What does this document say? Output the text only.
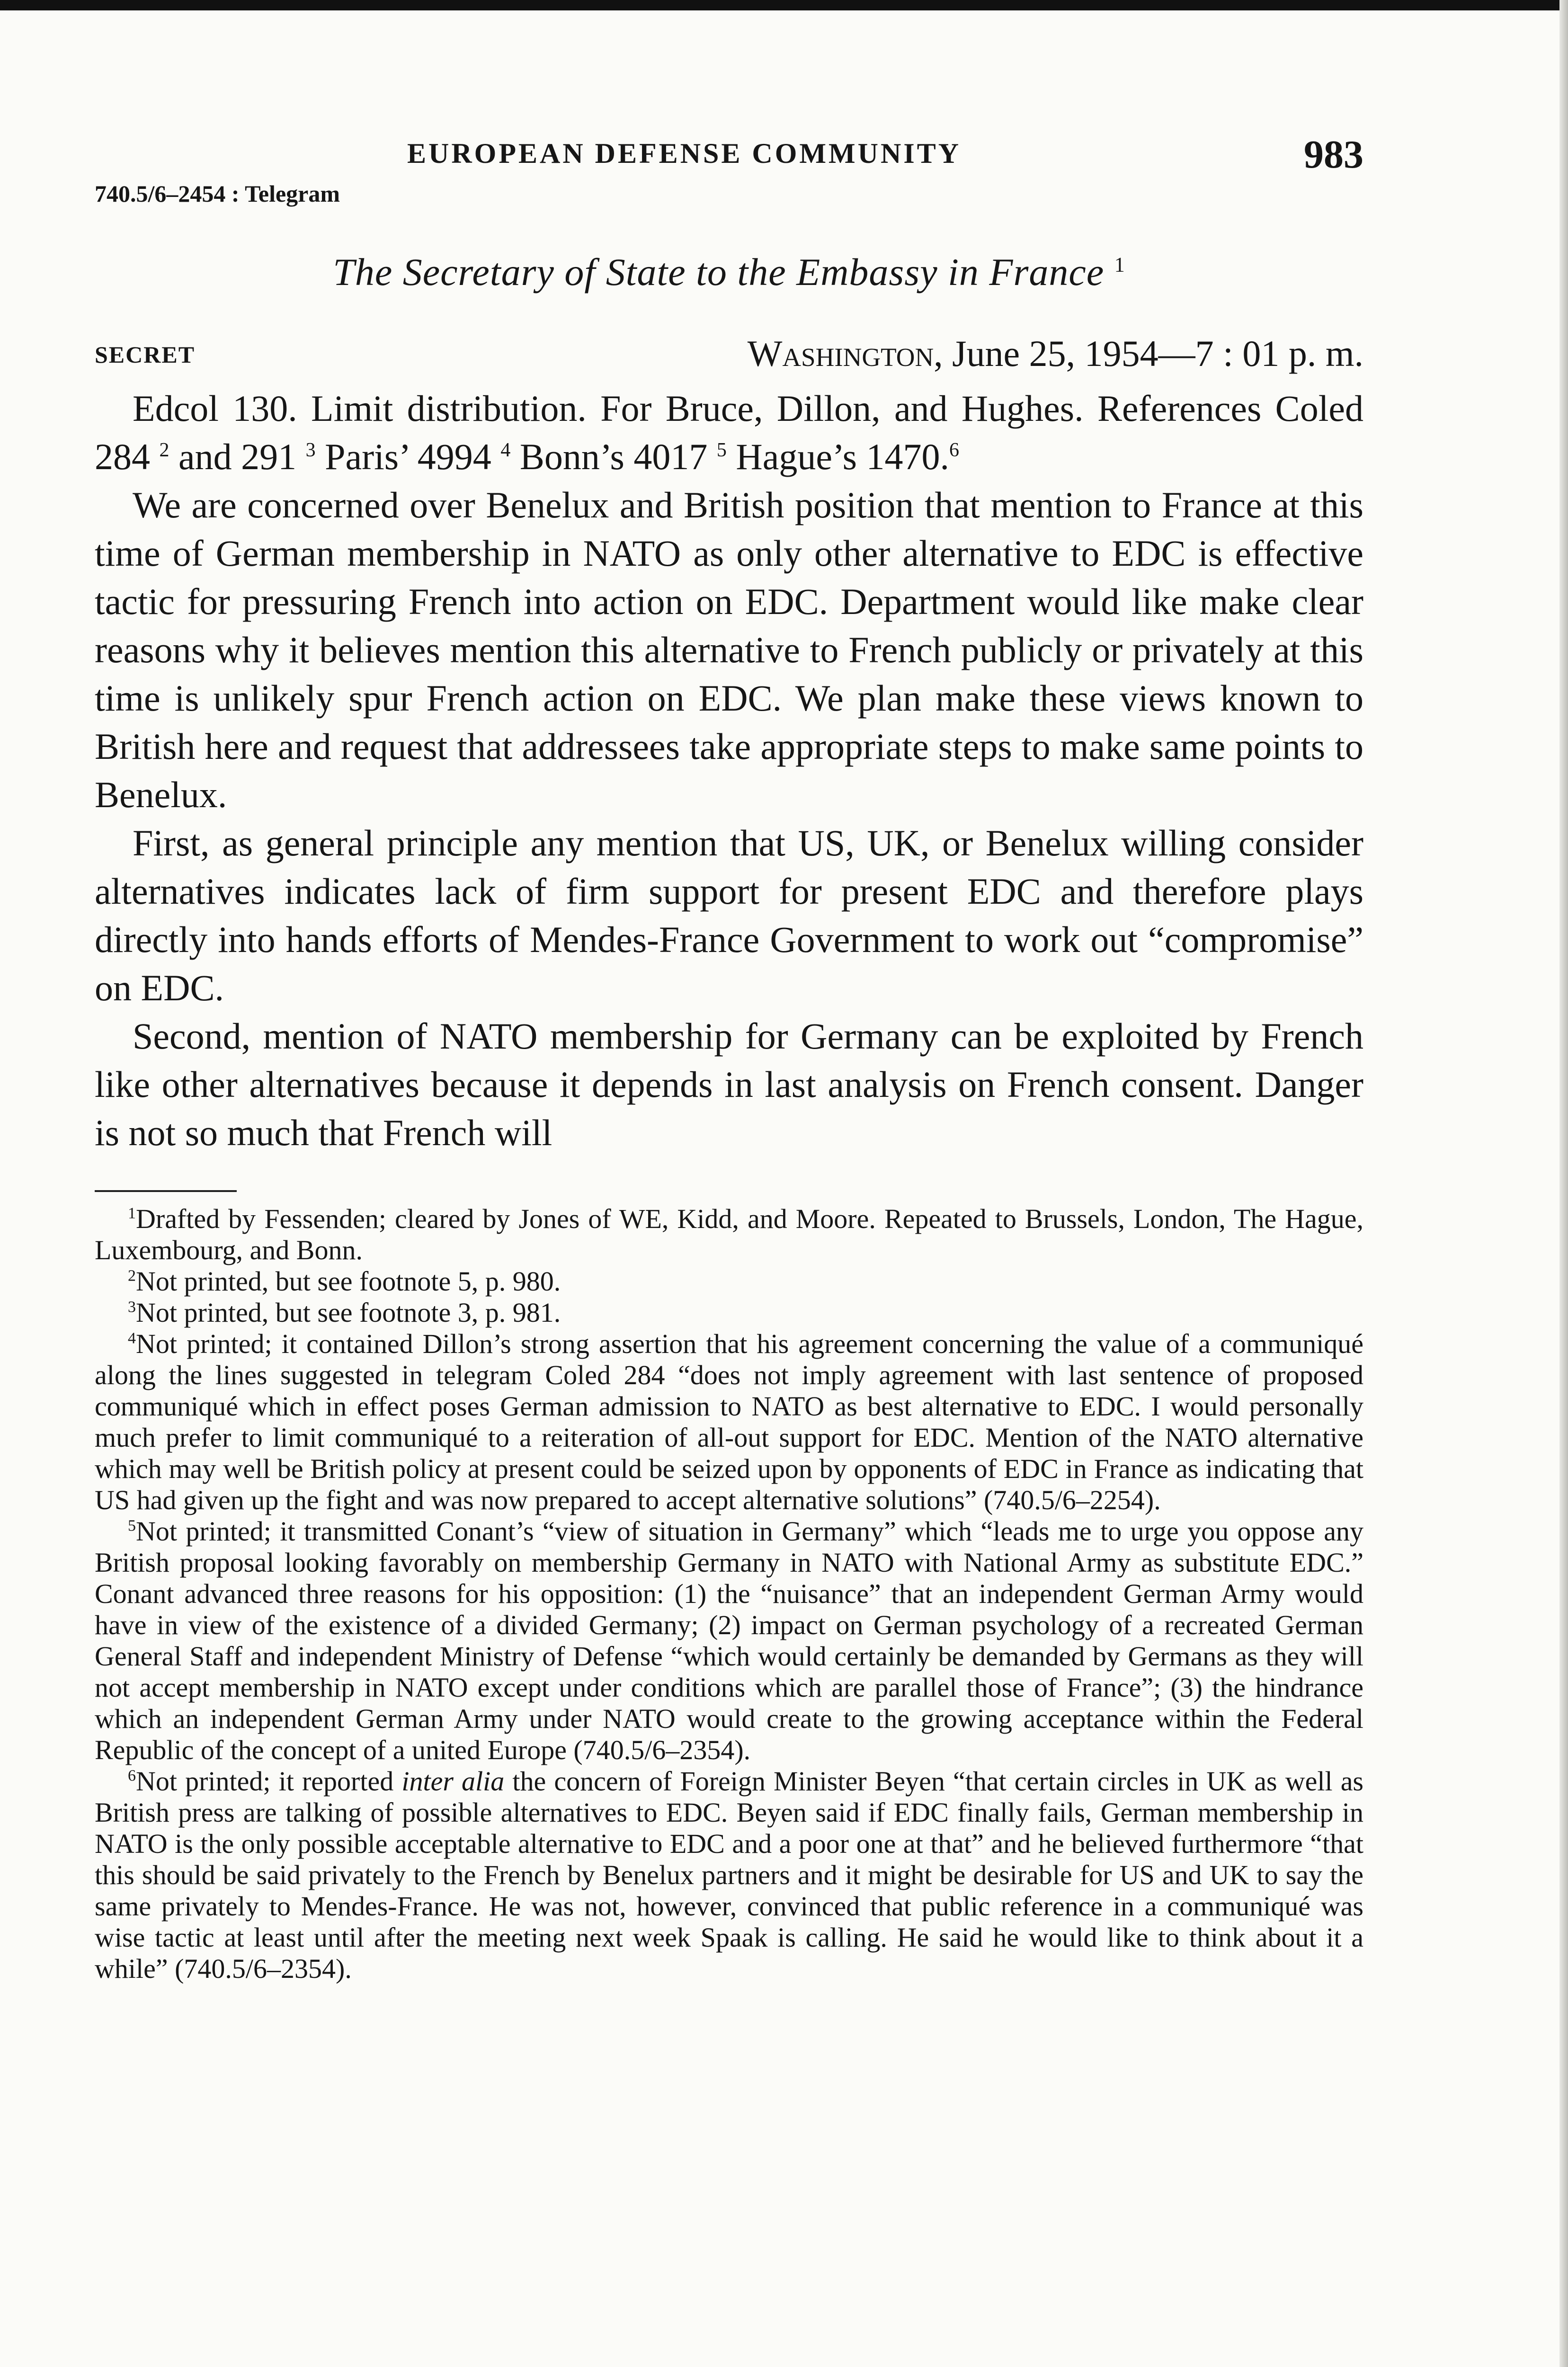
EUROPEAN DEFENSE COMMUNITY	983
740.5/6–2454 : Telegram
The Secretary of State to the Embassy in France $^1$
SECRET	Washington, June 25, 1954—7 : 01 p. m.

Edcol 130. Limit distribution. For Bruce, Dillon, and Hughes. References Coled 284 $^2$ and 291 $^3$ Paris’ 4994 $^4$ Bonn’s 4017 $^5$ Hague’s 1470.$^6$

We are concerned over Benelux and British position that mention to France at this time of German membership in NATO as only other alternative to EDC is effective tactic for pressuring French into action on EDC. Department would like make clear reasons why it believes mention this alternative to French publicly or privately at this time is unlikely spur French action on EDC. We plan make these views known to British here and request that addressees take appropriate steps to make same points to Benelux.

First, as general principle any mention that US, UK, or Benelux willing consider alternatives indicates lack of firm support for present EDC and therefore plays directly into hands efforts of Mendes-France Government to work out “compromise” on EDC.

Second, mention of NATO membership for Germany can be exploited by French like other alternatives because it depends in last analysis on French consent. Danger is not so much that French will

$^1$Drafted by Fessenden; cleared by Jones of WE, Kidd, and Moore. Repeated to Brussels, London, The Hague, Luxembourg, and Bonn.

$^2$Not printed, but see footnote 5, p. 980.

$^3$Not printed, but see footnote 3, p. 981.

$^4$Not printed; it contained Dillon’s strong assertion that his agreement concerning the value of a communiqué along the lines suggested in telegram Coled 284 “does not imply agreement with last sentence of proposed communiqué which in effect poses German admission to NATO as best alternative to EDC. I would personally much prefer to limit communiqué to a reiteration of all-out support for EDC. Mention of the NATO alternative which may well be British policy at present could be seized upon by opponents of EDC in France as indicating that US had given up the fight and was now prepared to accept alternative solutions” (740.5/6–2254).

$^5$Not printed; it transmitted Conant’s “view of situation in Germany” which “leads me to urge you oppose any British proposal looking favorably on membership Germany in NATO with National Army as substitute EDC.” Conant advanced three reasons for his opposition: (1) the “nuisance” that an independent German Army would have in view of the existence of a divided Germany; (2) impact on German psychology of a recreated German General Staff and independent Ministry of Defense “which would certainly be demanded by Germans as they will not accept membership in NATO except under conditions which are parallel those of France”; (3) the hindrance which an independent German Army under NATO would create to the growing acceptance within the Federal Republic of the concept of a united Europe (740.5/6–2354).

$^6$Not printed; it reported inter alia the concern of Foreign Minister Beyen “that certain circles in UK as well as British press are talking of possible alternatives to EDC. Beyen said if EDC finally fails, German membership in NATO is the only possible acceptable alternative to EDC and a poor one at that” and he believed furthermore “that this should be said privately to the French by Benelux partners and it might be desirable for US and UK to say the same privately to Mendes-France. He was not, however, convinced that public reference in a communiqué was wise tactic at least until after the meeting next week Spaak is calling. He said he would like to think about it a while” (740.5/6–2354).
